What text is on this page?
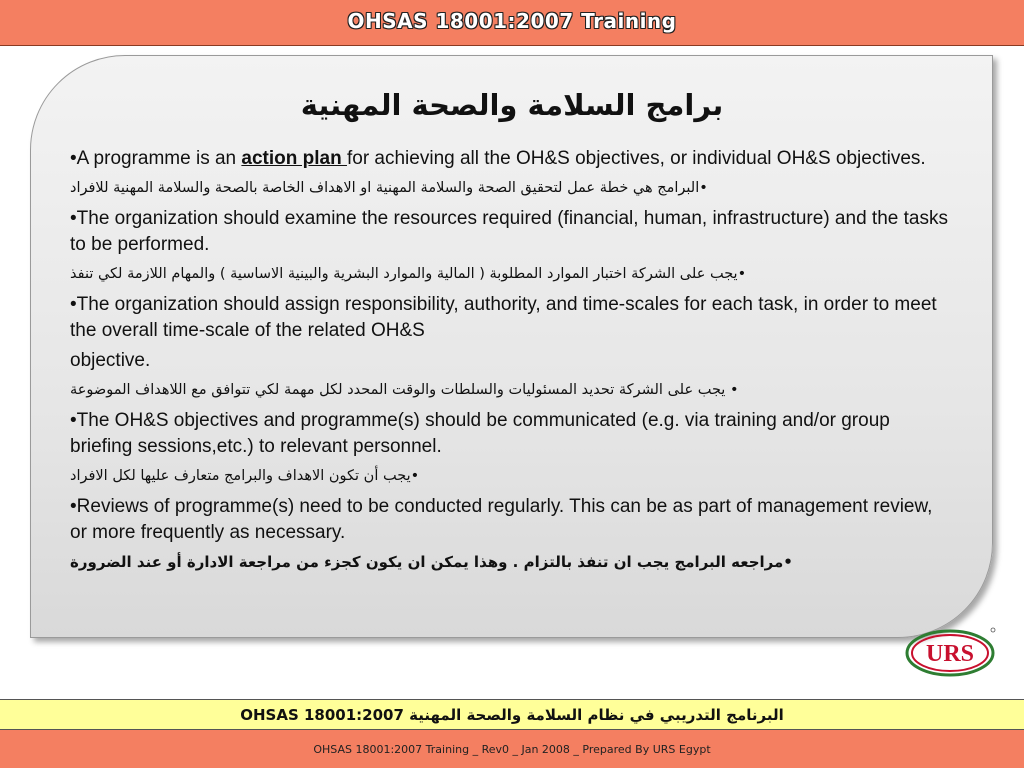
OHSAS 18001:2007 Training
برامج السلامة والصحة المهنية

•A programme is an action plan for achieving all the OH&S objectives, or individual OH&S objectives.

•البرامج هي خطة عمل لتحقيق الصحة والسلامة المهنية او الاهداف الخاصة بالصحة والسلامة المهنية للافراد

•The organization should examine the resources required (financial, human, infrastructure) and the tasks to be performed.

•يجب على الشركة اختبار الموارد المطلوبة ( المالية والموارد البشرية والبينية الاساسية ) والمهام اللازمة لكي تنفذ

•The organization should assign responsibility, authority, and time-scales for each task, in order to meet the overall time-scale of the related OH&S

objective.

• يجب على الشركة تحديد المسئوليات والسلطات والوقت المحدد لكل مهمة لكي تتوافق مع اللاهداف الموضوعة

•The OH&S objectives and programme(s) should be communicated (e.g. via training and/or group briefing sessions,etc.) to relevant personnel.

•يجب أن تكون الاهداف والبرامج متعارف عليها لكل الافراد

•Reviews of programme(s) need to be conducted regularly. This can be as part of management review, or more frequently as necessary.

•مراجعه البرامج يجب ان تنفذ بالتزام . وهذا يمكن ان يكون كجزء من مراجعة الادارة أو عند الضرورة

URS
البرنامج التدريبي في نظام السلامة والصحة المهنية OHSAS 18001:2007
OHSAS 18001:2007 Training _ Rev0 _ Jan 2008 _ Prepared By URS Egypt
